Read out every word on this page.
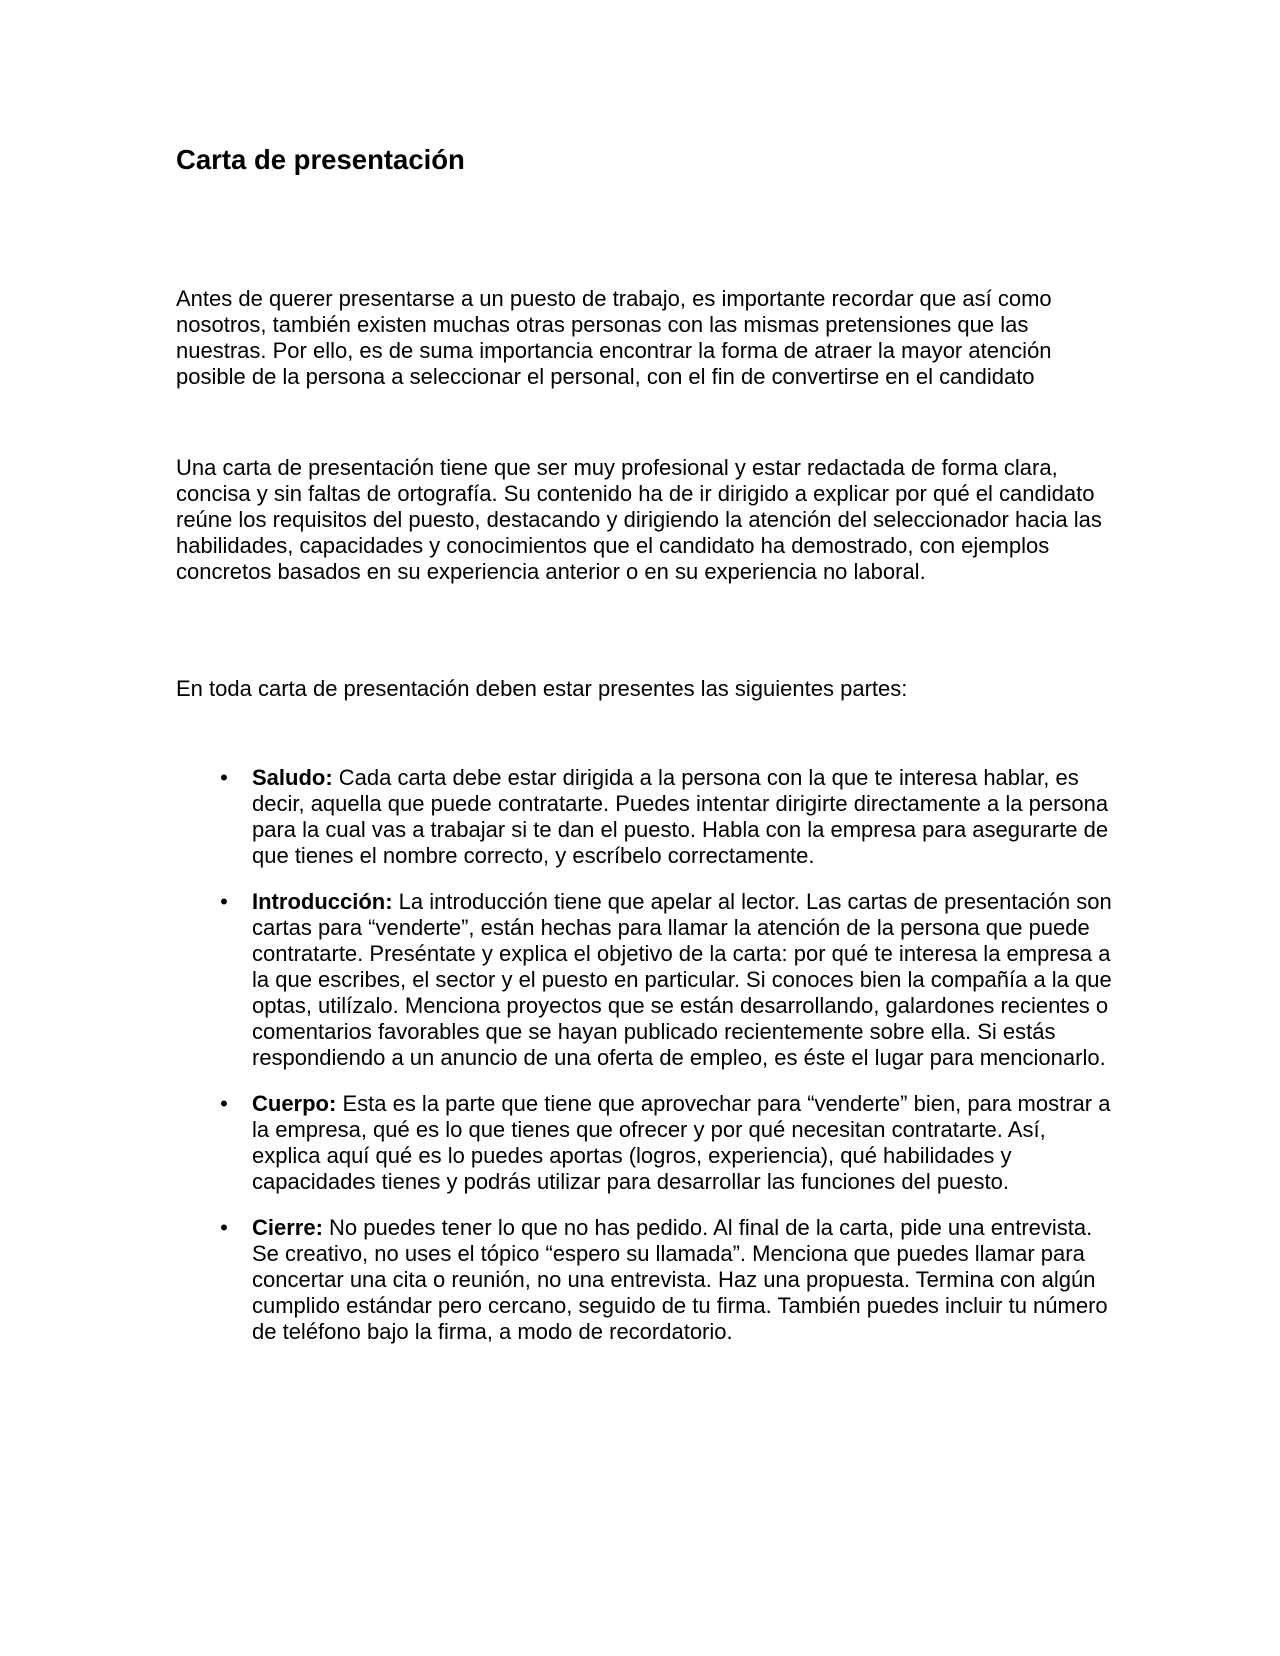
Carta de presentación

Antes de querer presentarse a un puesto de trabajo, es importante recordar que así como nosotros, también existen muchas otras personas con las mismas pretensiones que las nuestras. Por ello, es de suma importancia encontrar la forma de atraer la mayor atención posible de la persona a seleccionar el personal, con el fin de convertirse en el candidato

Una carta de presentación tiene que ser muy profesional y estar redactada de forma clara, concisa y sin faltas de ortografía. Su contenido ha de ir dirigido a explicar por qué el candidato reúne los requisitos del puesto, destacando y dirigiendo la atención del seleccionador hacia las habilidades, capacidades y conocimientos que el candidato ha demostrado, con ejemplos concretos basados en su experiencia anterior o en su experiencia no laboral.

En toda carta de presentación deben estar presentes las siguientes partes:

• Saludo: Cada carta debe estar dirigida a la persona con la que te interesa hablar, es decir, aquella que puede contratarte. Puedes intentar dirigirte directamente a la persona para la cual vas a trabajar si te dan el puesto. Habla con la empresa para asegurarte de que tienes el nombre correcto, y escríbelo correctamente.
• Introducción: La introducción tiene que apelar al lector. Las cartas de presentación son cartas para “venderte”, están hechas para llamar la atención de la persona que puede contratarte. Preséntate y explica el objetivo de la carta: por qué te interesa la empresa a la que escribes, el sector y el puesto en particular. Si conoces bien la compañía a la que optas, utilízalo. Menciona proyectos que se están desarrollando, galardones recientes o comentarios favorables que se hayan publicado recientemente sobre ella. Si estás respondiendo a un anuncio de una oferta de empleo, es éste el lugar para mencionarlo.
• Cuerpo: Esta es la parte que tiene que aprovechar para “venderte” bien, para mostrar a la empresa, qué es lo que tienes que ofrecer y por qué necesitan contratarte. Así, explica aquí qué es lo puedes aportas (logros, experiencia), qué habilidades y capacidades tienes y podrás utilizar para desarrollar las funciones del puesto.
• Cierre: No puedes tener lo que no has pedido. Al final de la carta, pide una entrevista. Se creativo, no uses el tópico “espero su llamada”. Menciona que puedes llamar para concertar una cita o reunión, no una entrevista. Haz una propuesta. Termina con algún cumplido estándar pero cercano, seguido de tu firma. También puedes incluir tu número de teléfono bajo la firma, a modo de recordatorio.
